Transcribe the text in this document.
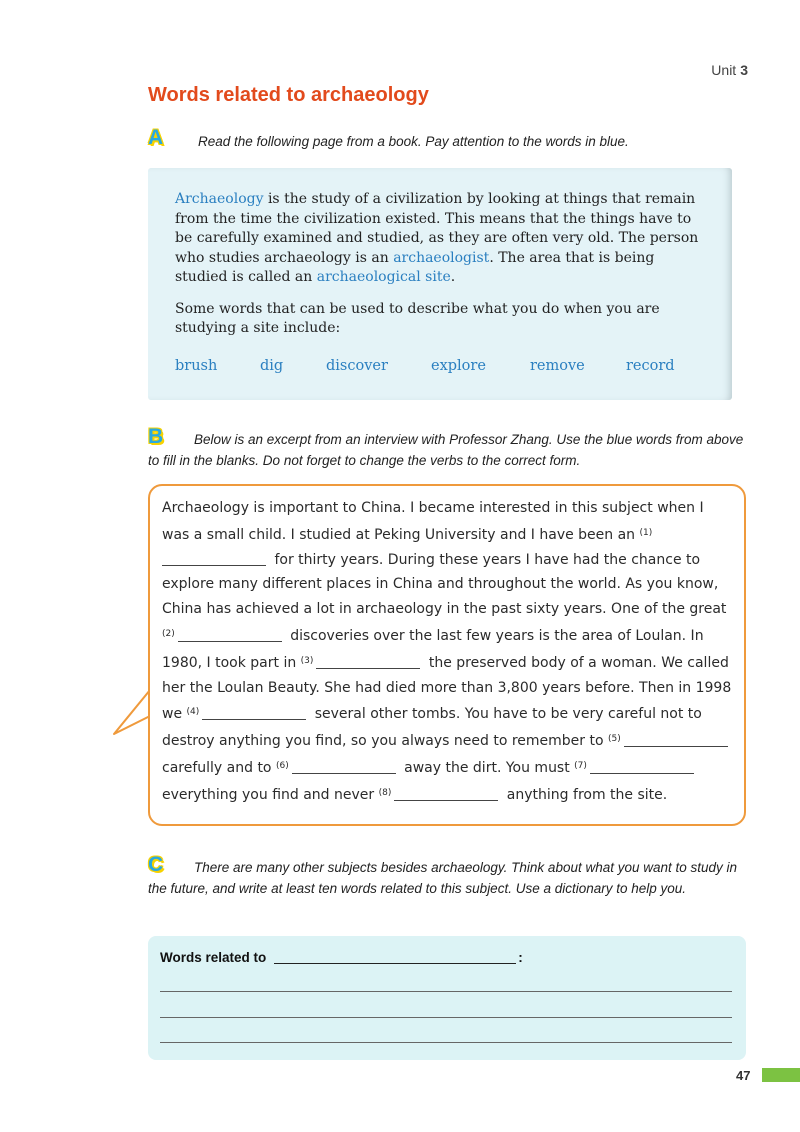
Unit 3
Words related to archaeology
A	Read the following page from a book. Pay attention to the words in blue.

Archaeology is the study of a civilization by looking at things that remain from the time the civilization existed. This means that the things have to be carefully examined and studied, as they are often very old. The person who studies archaeology is an archaeologist. The area that is being studied is called an archaeological site.

Some words that can be used to describe what you do when you are studying a site include:

brush	dig	discover	explore	remove	record
B	Below is an excerpt from an interview with Professor Zhang. Use the blue words from above to fill in the blanks. Do not forget to change the verbs to the correct form.
Archaeology is important to China. I became interested in this subject when I was a small child. I studied at Peking University and I have been an $^{(1)}$ for thirty years. During these years I have had the chance to explore many different places in China and throughout the world. As you know, China has achieved a lot in archaeology in the past sixty years. One of the great $^{(2)}$	discoveries over the last few years is the area of Loulan. In 1980, I took part in $^{(3)}$	the preserved body of a woman. We called her the Loulan Beauty. She had died more than 3,800 years before. Then in 1998 we $^{(4)}$	several other tombs. You have to be very careful not to destroy anything you find, so you always need to remember to $^{(5)}$ carefully and to $^{(6)}$	away the dirt. You must $^{(7)}$ everything you find and never $^{(8)}$	anything from the site.
C	There are many other subjects besides archaeology. Think about what you want to study in the future, and write at least ten words related to this subject. Use a dictionary to help you.
Words related to	:
47
